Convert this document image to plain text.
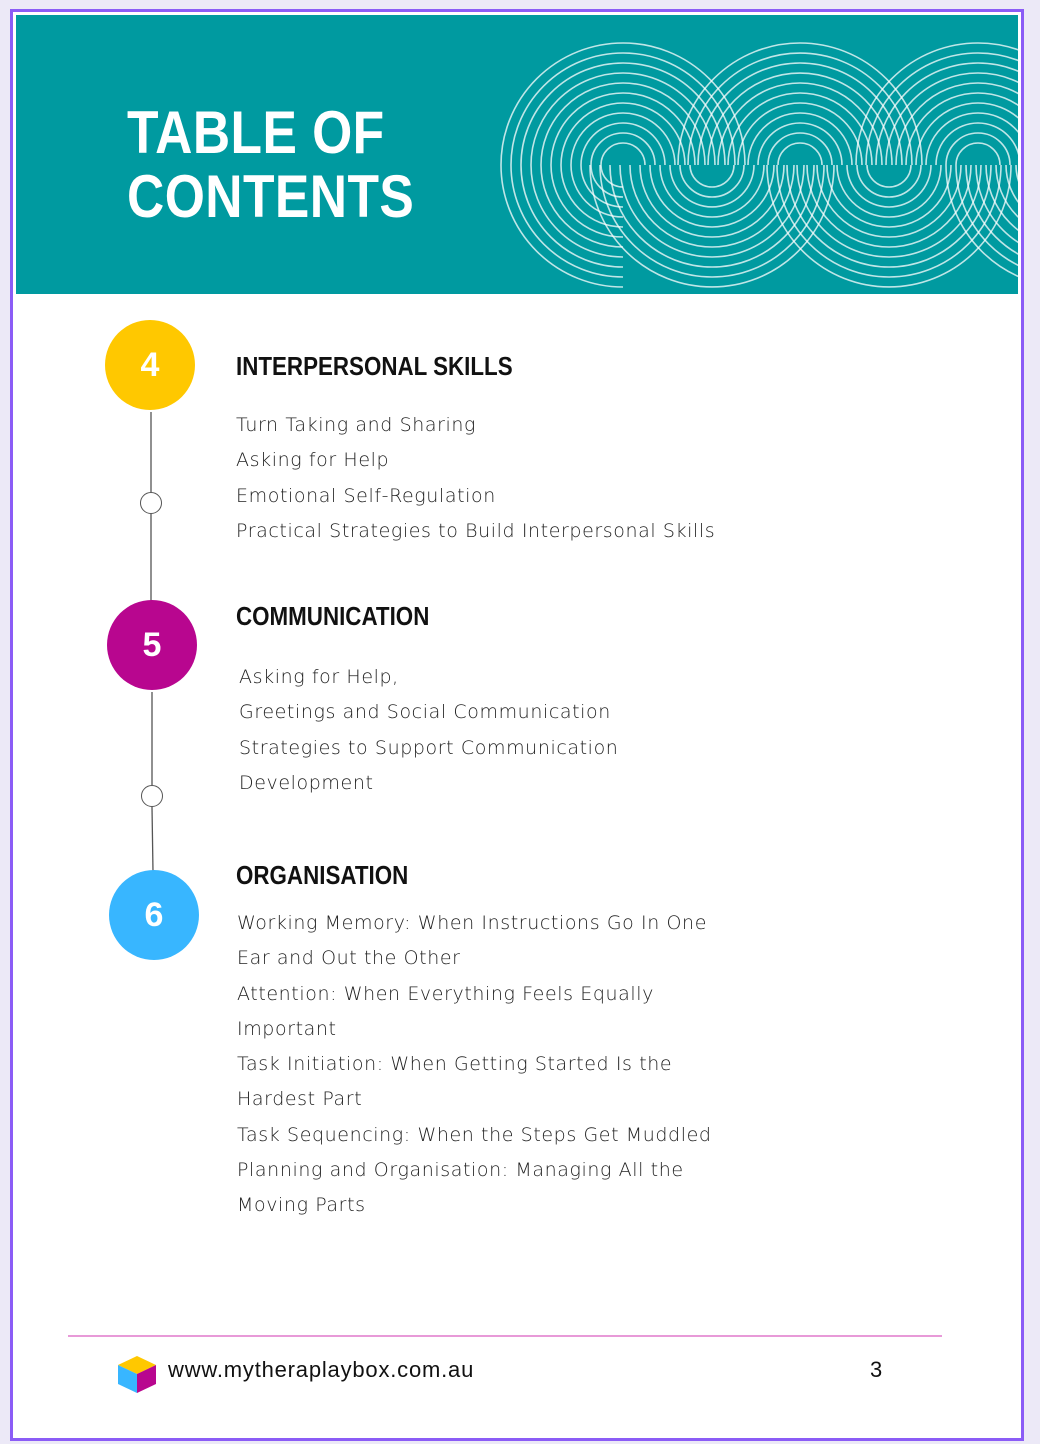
TABLE OF
CONTENTS
4	INTERPERSONAL SKILLS
Turn Taking and Sharing
Asking for Help
Emotional Self-Regulation
Practical Strategies to Build Interpersonal Skills
5
COMMUNICATION
Asking for Help,
Greetings and Social Communication
Strategies to Support Communication
Development
6
ORGANISATION
Working Memory: When Instructions Go In One
Ear and Out the Other
Attention: When Everything Feels Equally
Important
Task Initiation: When Getting Started Is the
Hardest Part
Task Sequencing: When the Steps Get Muddled
Planning and Organisation: Managing All the
Moving Parts
www.mytheraplaybox.com.au	3
